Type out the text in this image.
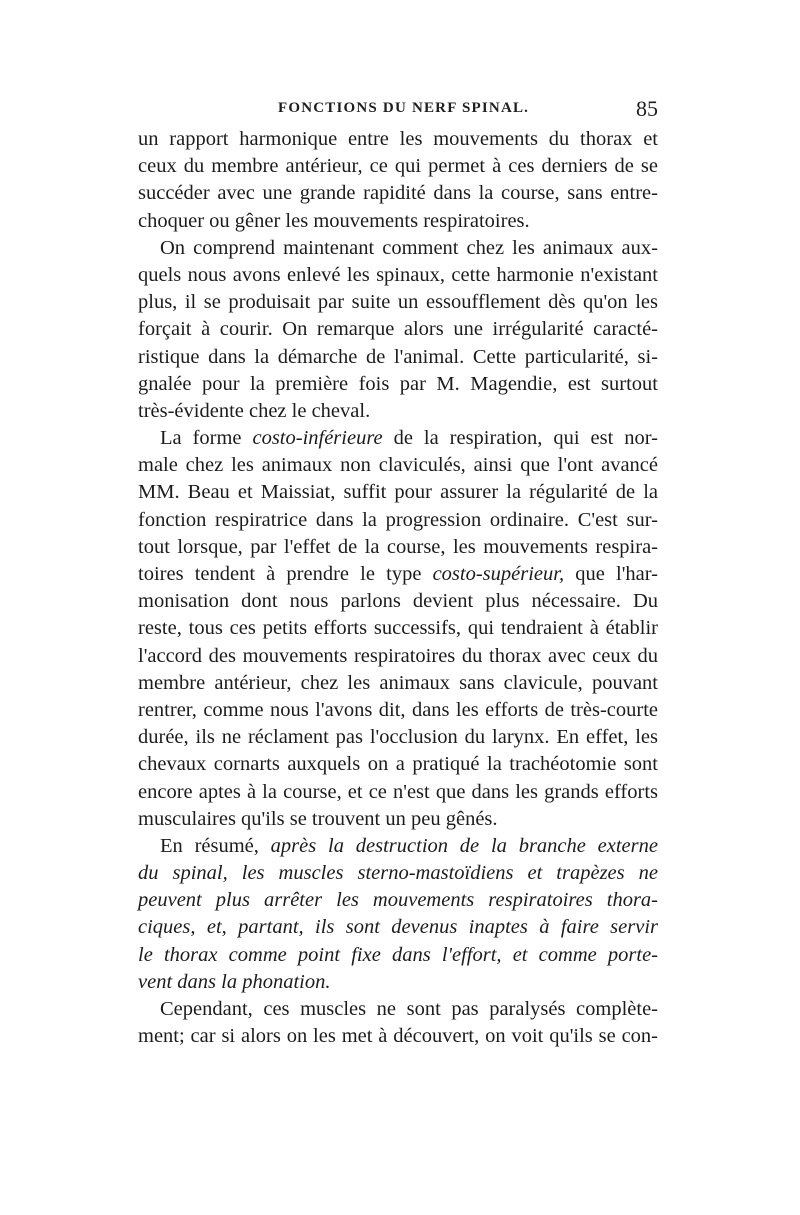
FONCTIONS DU NERF SPINAL.	85
un rapport harmonique entre les mouvements du thorax et
ceux du membre antérieur, ce qui permet à ces derniers de se
succéder avec une grande rapidité dans la course, sans entre-
choquer ou gêner les mouvements respiratoires.
On comprend maintenant comment chez les animaux aux-
quels nous avons enlevé les spinaux, cette harmonie n'existant
plus, il se produisait par suite un essoufflement dès qu'on les
forçait à courir. On remarque alors une irrégularité caracté-
ristique dans la démarche de l'animal. Cette particularité, si-
gnalée pour la première fois par M. Magendie, est surtout
très-évidente chez le cheval.
La forme costo-inférieure de la respiration, qui est nor-
male chez les animaux non claviculés, ainsi que l'ont avancé
MM. Beau et Maissiat, suffit pour assurer la régularité de la
fonction respiratrice dans la progression ordinaire. C'est sur-
tout lorsque, par l'effet de la course, les mouvements respira-
toires tendent à prendre le type costo-supérieur, que l'har-
monisation dont nous parlons devient plus nécessaire. Du
reste, tous ces petits efforts successifs, qui tendraient à établir
l'accord des mouvements respiratoires du thorax avec ceux du
membre antérieur, chez les animaux sans clavicule, pouvant
rentrer, comme nous l'avons dit, dans les efforts de très-courte
durée, ils ne réclament pas l'occlusion du larynx. En effet, les
chevaux cornarts auxquels on a pratiqué la trachéotomie sont
encore aptes à la course, et ce n'est que dans les grands efforts
musculaires qu'ils se trouvent un peu gênés.
En résumé, après la destruction de la branche externe
du spinal, les muscles sterno-mastoïdiens et trapèzes ne
peuvent plus arrêter les mouvements respiratoires thora-
ciques, et, partant, ils sont devenus inaptes à faire servir
le thorax comme point fixe dans l'effort, et comme porte-
vent dans la phonation.
Cependant, ces muscles ne sont pas paralysés complète-
ment; car si alors on les met à découvert, on voit qu'ils se con-
